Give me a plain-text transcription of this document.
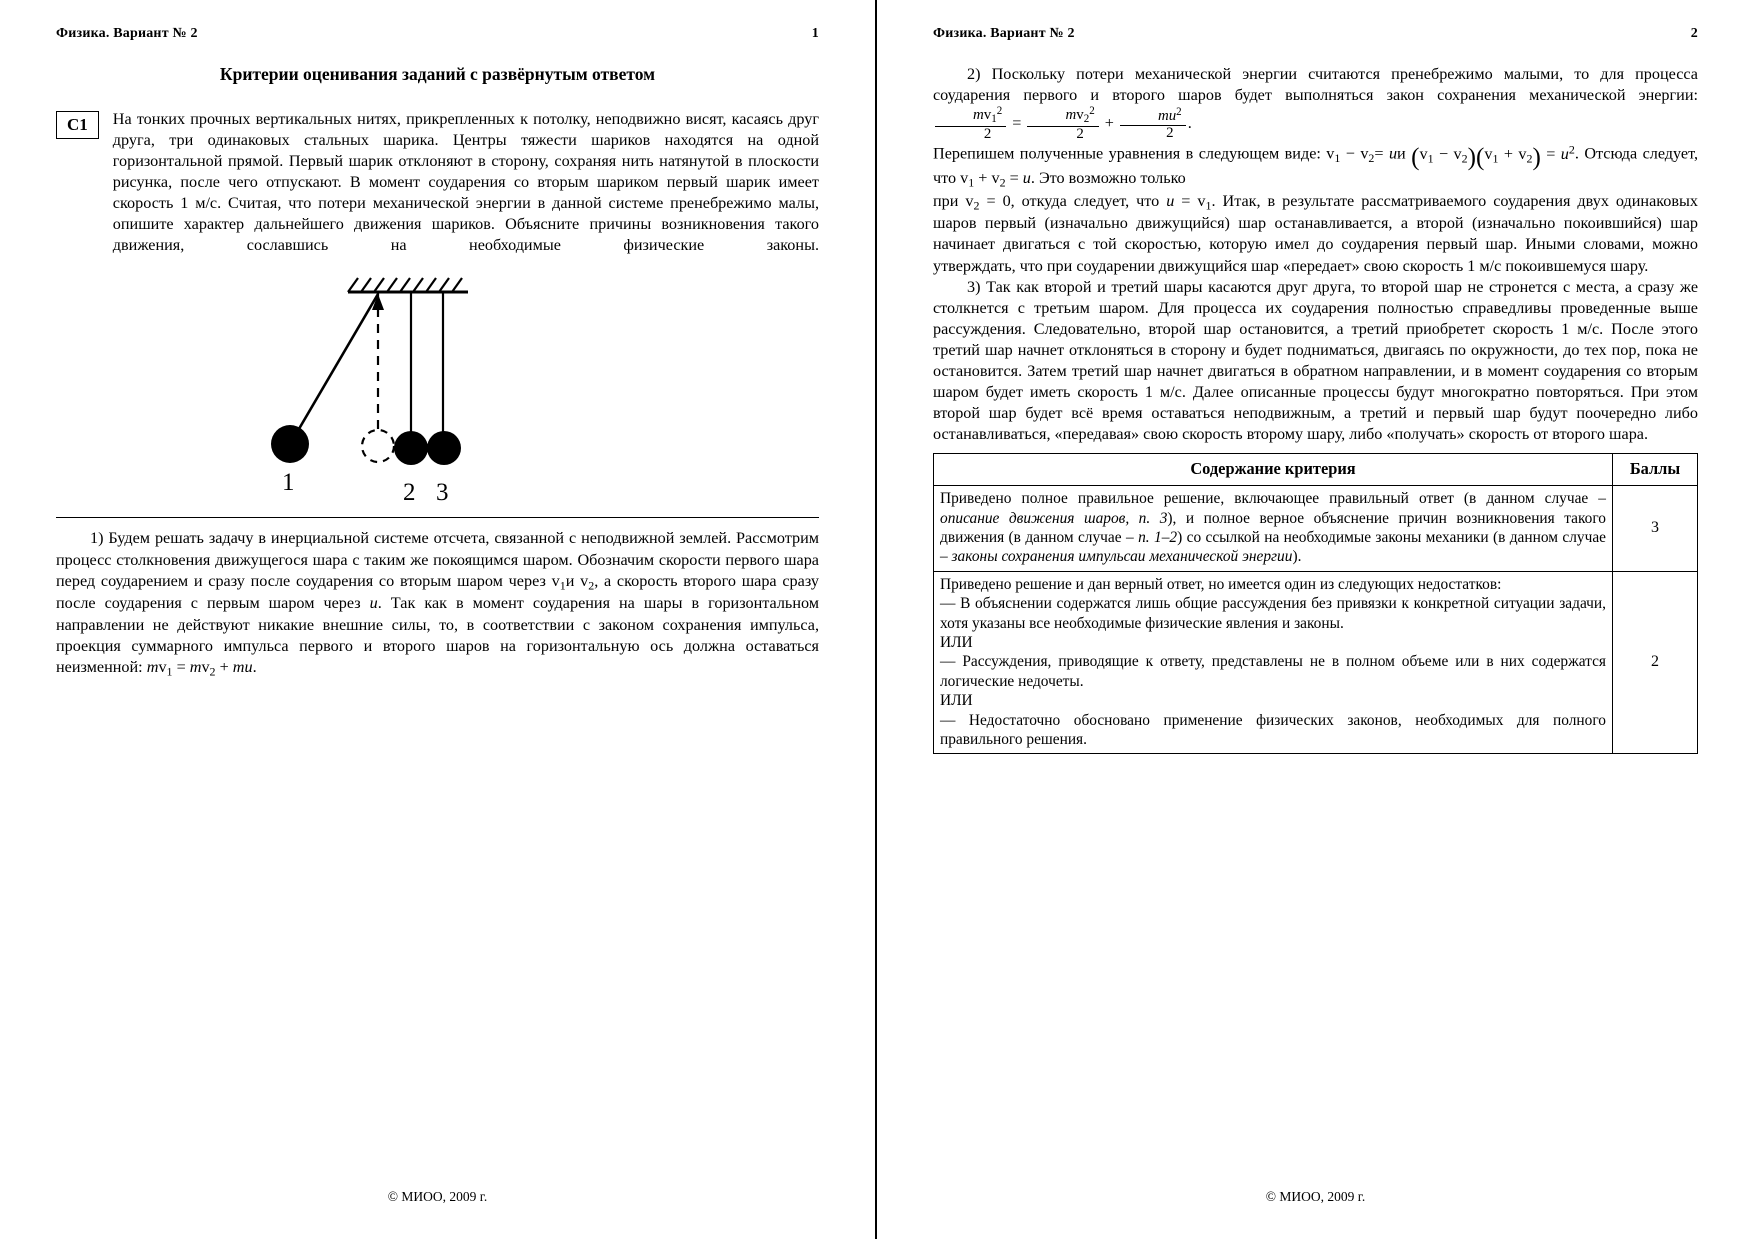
Физика. Вариант № 2	1
Критерии оценивания заданий с развёрнутым ответом
C1	На тонких прочных вертикальных нитях, прикрепленных к потолку, неподвижно висят, касаясь друг друга, три одинаковых стальных шарика. Центры тяжести шариков находятся на одной горизонтальной прямой. Первый шарик отклоняют в сторону, сохраняя нить натянутой в плоскости рисунка, после чего отпускают. В момент соударения со вторым шариком первый шарик имеет скорость 1 м/с. Считая, что потери механической энергии в данной системе пренебрежимо малы, опишите характер дальнейшего движения шариков. Объясните причины возникновения такого движения, сославшись на необходимые физические законы.
1	2 3

1) Будем решать задачу в инерциальной системе отсчета, связанной с неподвижной землей. Рассмотрим процесс столкновения движущегося шара с таким же покоящимся шаром. Обозначим скорости первого шара перед соударением и сразу после соударения со вторым шаром через $v_1и$ $v_2$, а скорость второго шара сразу после соударения с первым шаром через u. Так как в момент соударения на шары в горизонтальном направлении не действуют никакие внешние силы, то, в соответствии с законом сохранения импульса, проекция суммарного импульса первого и второго шаров на горизонтальную ось должна оставаться неизменной: $mv_1 = mv_2$ + mu.

© МИОО, 2009 г.
Физика. Вариант № 2	2

2) Поскольку потери механической энергии считаются пренебрежимо малыми, то для процесса соударения первого и второго шаров будет выполняться закон сохранения механической энергии:
$\frac{mv_1^2}{2} = \frac{mv_2^2}{2} + \frac{mu^2}{2}$ .

Перепишем полученные уравнения в следующем виде: $v_1 - v_2=$ uи $(v_1 - v_2)(v_1 + v_2) = u^2$. Отсюда следует, что $v_1 + v_2 = u$. Это возможно только

при $v_2 = 0$, откуда следует, что $u = v_1$. Итак, в результате рассматриваемого соударения двух одинаковых шаров первый (изначально движущийся) шар останавливается, а второй (изначально покоившийся) шар начинает двигаться с той скоростью, которую имел до соударения первый шар. Иными словами, можно утверждать, что при соударении движущийся шар «передает» свою скорость 1 м/с покоившемуся шару.

3) Так как второй и третий шары касаются друг друга, то второй шар не стронется с места, а сразу же столкнется с третьим шаром. Для процесса их соударения полностью справедливы проведенные выше рассуждения. Следовательно, второй шар остановится, а третий приобретет скорость 1 м/с. После этого третий шар начнет отклоняться в сторону и будет подниматься, двигаясь по окружности, до тех пор, пока не остановится. Затем третий шар начнет двигаться в обратном направлении, и в момент соударения со вторым шаром будет иметь скорость 1 м/с. Далее описанные процессы будут многократно повторяться. При этом второй шар будет всё время оставаться неподвижным, а третий и первый шар будут поочередно либо останавливаться, «передавая» свою скорость второму шару, либо «получать» скорость от второго шара.

Содержание критерия	Баллы
Приведено полное правильное решение, включающее правильный ответ (в данном случае – описание движения шаров, п. 3), и полное верное объяснение причин возникновения такого движения (в данном случае – п. 1–2) со ссылкой на необходимые законы механики (в данном случае – законы сохранения импульсаи механической энергии).	3

Приведено решение и дан верный ответ, но имеется один из следующих недостатков:
— В объяснении содержатся лишь общие рассуждения без привязки к конкретной ситуации задачи, хотя указаны все необходимые физические явления и законы.
ИЛИ
— Рассуждения, приводящие к ответу, представлены не в полном объеме или в них содержатся логические недочеты.
ИЛИ
— Недостаточно обосновано применение физических законов, необходимых для полного правильного решения.
	2
© МИОО, 2009 г.
